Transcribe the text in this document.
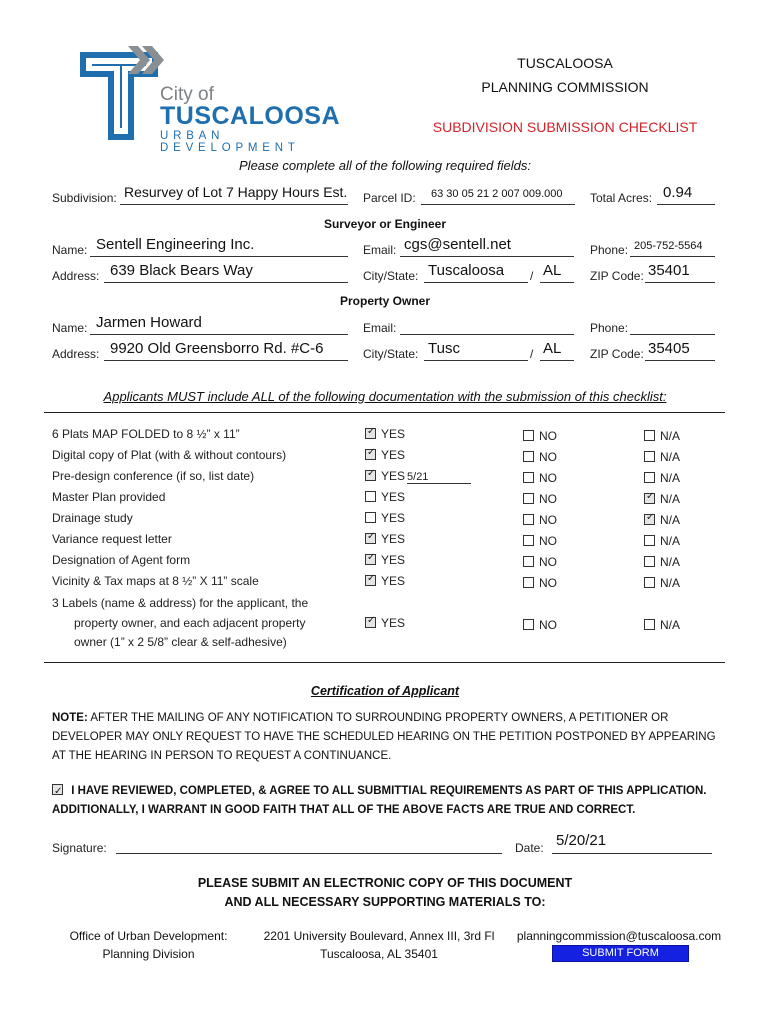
City of
TUSCALOOSA
URBAN DEVELOPMENT
TUSCALOOSA
PLANNING COMMISSION
SUBDIVISION SUBMISSION CHECKLIST
Please complete all of the following required fields:
Subdivision: Resurvey of Lot 7 Happy Hours Est. Parcel ID: 63 30 05 21 2 007 009.000 Total Acres: 0.94
Surveyor or Engineer
Name: Sentell Engineering Inc.	Email: cgs@sentell.net	Phone: 205-752-5564
Address: 639 Black Bears Way	City/State: Tuscaloosa / AL ZIP Code: 35401
Property Owner
Name: Jarmen Howard	Email:	Phone:
Address: 9920 Old Greensborro Rd. #C-6	City/State: Tusc	/ AL ZIP Code: 35405
Applicants MUST include ALL of the following documentation with the submission of this checklist:
6 Plats MAP FOLDED to 8 ½” x 11” ✓	YES	NO	N/A
Digital copy of Plat (with & without contours) ✓	YES	NO	N/A
Pre-design conference (if so, list date) ✓	YES 5/21	NO	N/A
Master Plan provided	YES	NO ✓	N/A
Drainage study	YES	NO ✓	N/A
Variance request letter ✓	YES	NO	N/A
Designation of Agent form ✓	YES	NO	N/A
Vicinity & Tax maps at 8 ½” X 11” scale ✓	YES	NO	N/A
3 Labels (name & address) for the applicant, the
property owner, and each adjacent property
owner (1” x 2 5/8” clear & self-adhesive)
✓YES	NO	N/A
Certification of Applicant
NOTE: AFTER THE MAILING OF ANY NOTIFICATION TO SURROUNDING PROPERTY OWNERS, A PETITIONER OR DEVELOPER MAY ONLY REQUEST TO HAVE THE SCHEDULED HEARING ON THE PETITION POSTPONED BY APPEARING AT THE HEARING IN PERSON TO REQUEST A CONTINUANCE.
✓ I HAVE REVIEWED, COMPLETED, & AGREE TO ALL SUBMITTIAL REQUIREMENTS AS PART OF THIS APPLICATION. ADDITIONALLY, I WARRANT IN GOOD FAITH THAT ALL OF THE ABOVE FACTS ARE TRUE AND CORRECT.
Signature:	Date: 5/20/21
PLEASE SUBMIT AN ELECTRONIC COPY OF THIS DOCUMENT
AND ALL NECESSARY SUPPORTING MATERIALS TO:
Office of Urban Development:
Planning Division
2201 University Boulevard, Annex III, 3rd Fl
Tuscaloosa, AL 35401
planningcommission@tuscaloosa.com
SUBMIT FORM
